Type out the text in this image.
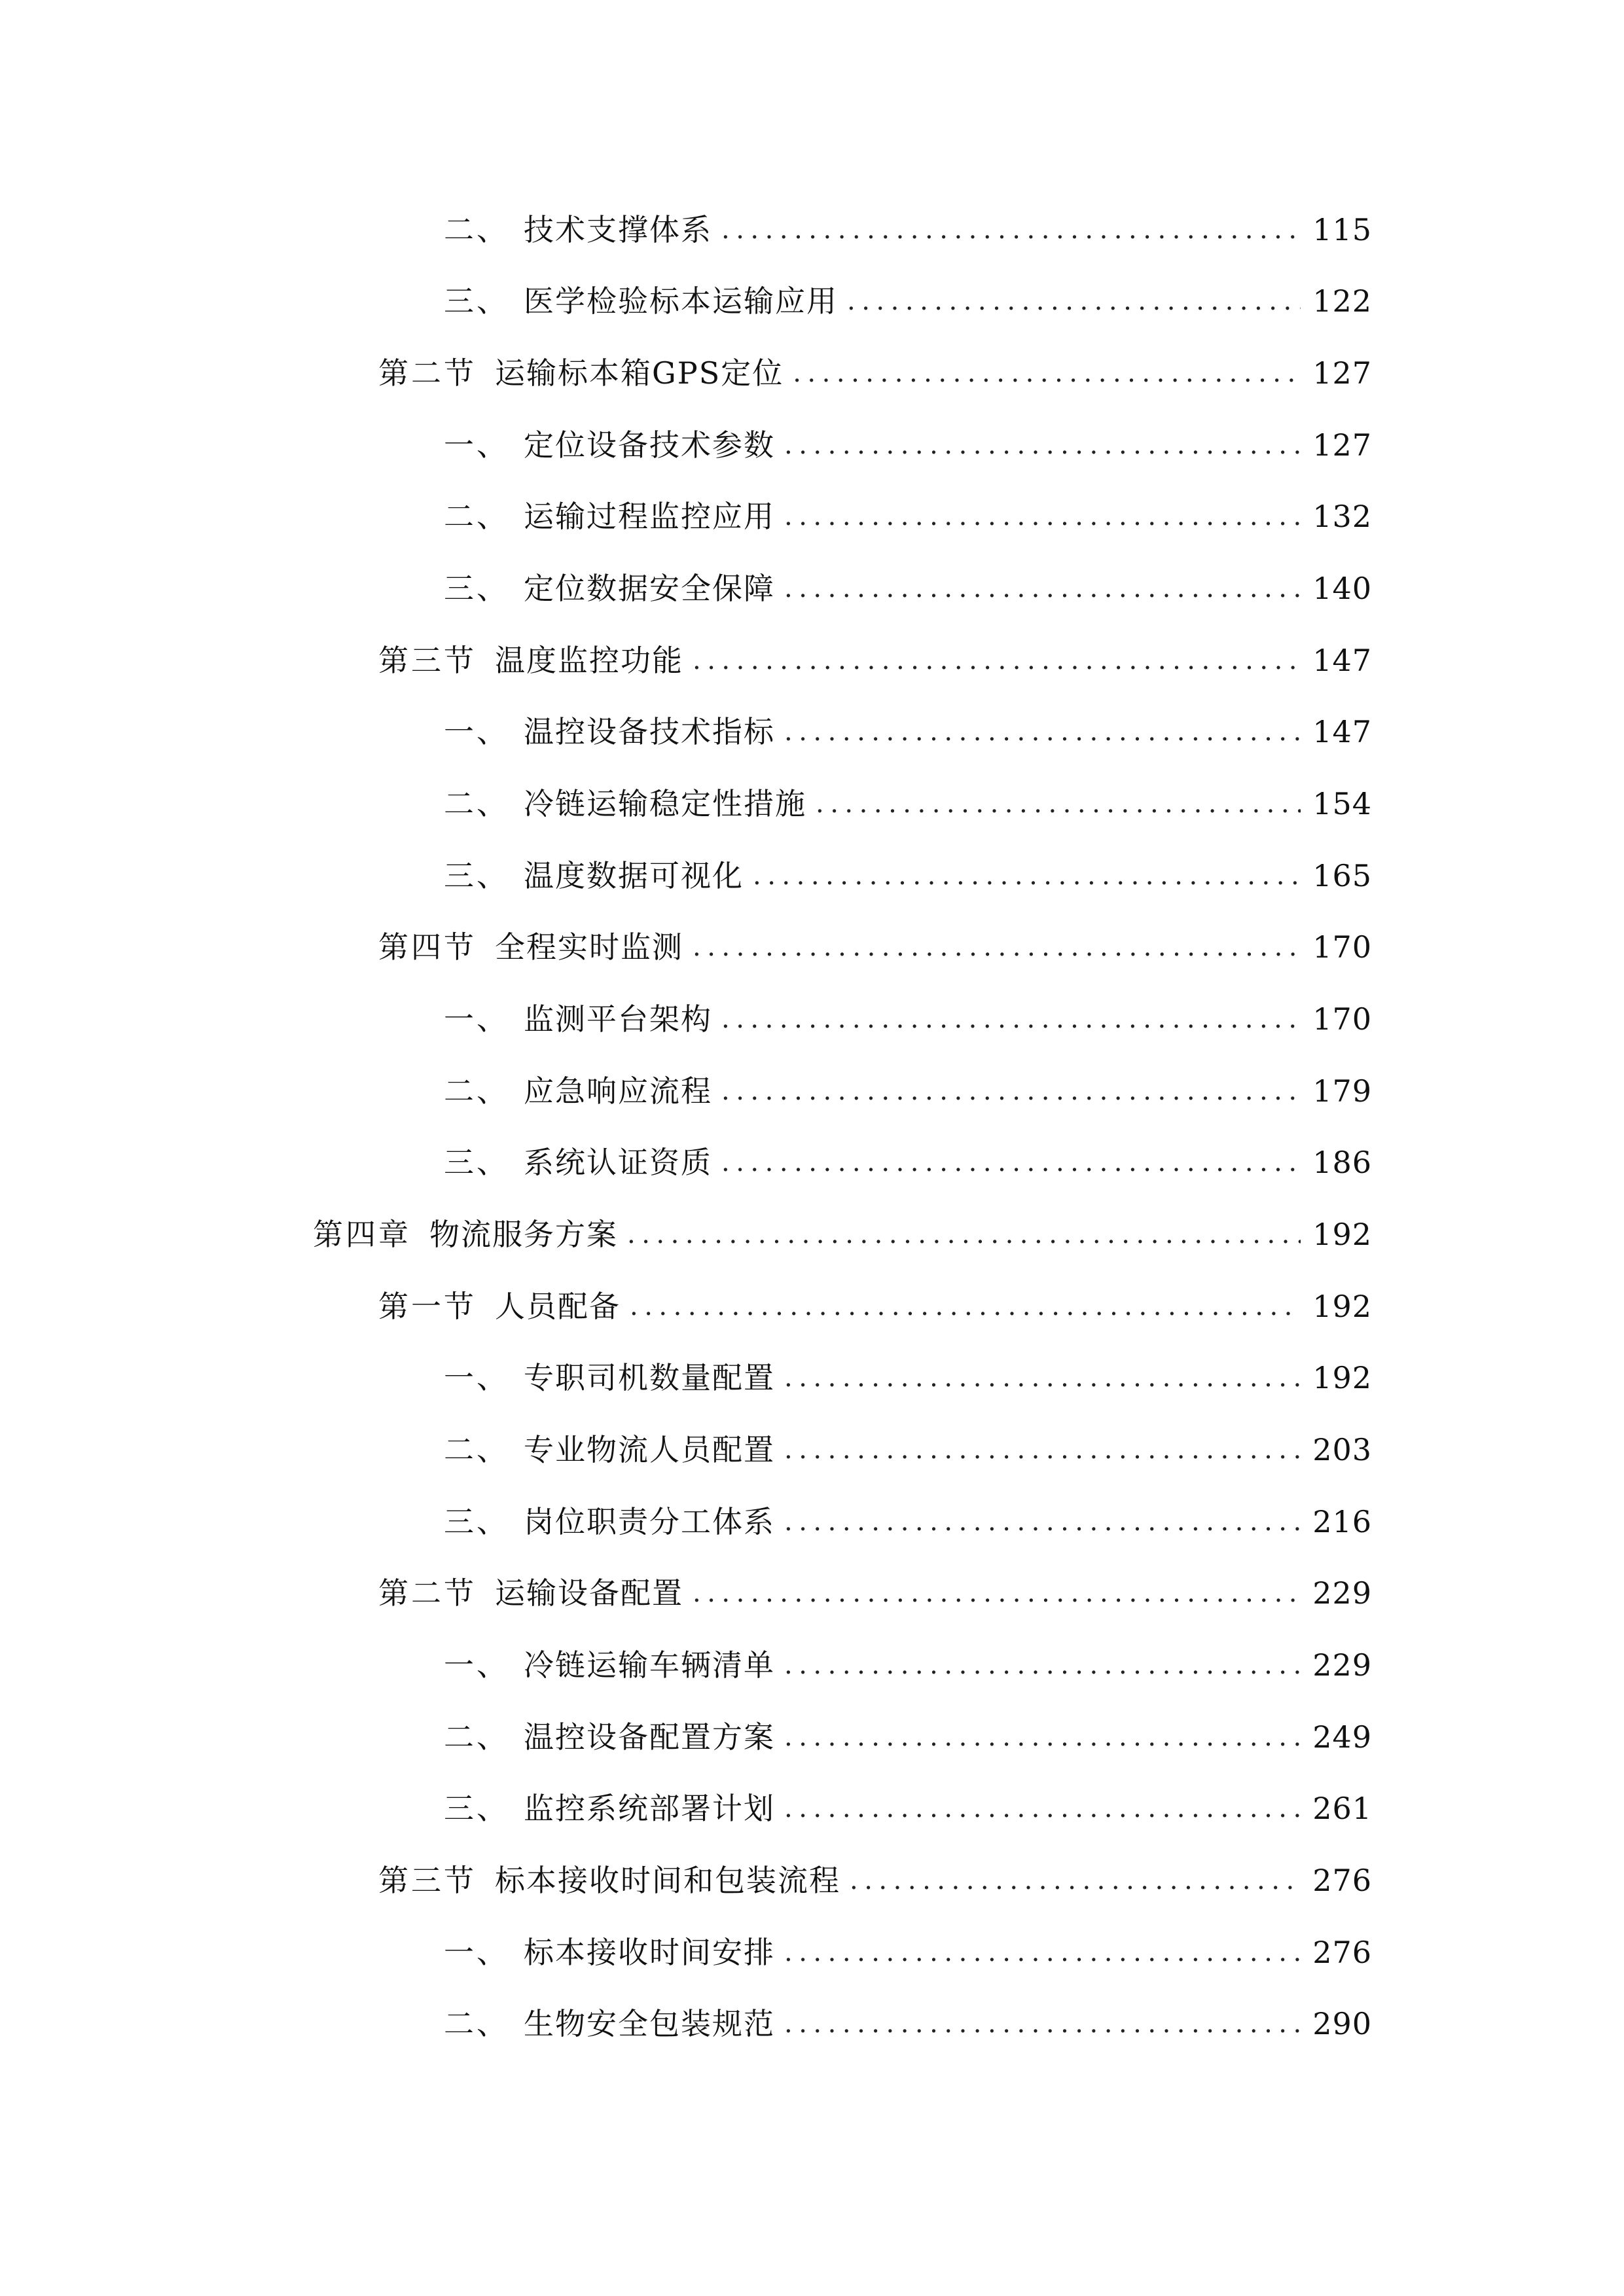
二、 技术支撑体系 .....	115
三、 医学检验标本运输应用 .....	122
第二节 运输标本箱GPS定位 .....	127
一、 定位设备技术参数 .....	127
二、 运输过程监控应用 .....	132
三、 定位数据安全保障 .....	140
第三节 温度监控功能 .....	147
一、 温控设备技术指标 .....	147
二、 冷链运输稳定性措施 .....	154
三、 温度数据可视化 .....	165
第四节 全程实时监测 .....	170
一、 监测平台架构 .....	170
二、 应急响应流程 .....	179
三、 系统认证资质 .....	186
第四章 物流服务方案 .....	192
第一节 人员配备 .....	192
一、 专职司机数量配置 .....	192
二、 专业物流人员配置 .....	203
三、 岗位职责分工体系 .....	216
第二节 运输设备配置 .....	229
一、 冷链运输车辆清单 .....	229
二、 温控设备配置方案 .....	249
三、 监控系统部署计划 .....	261
第三节 标本接收时间和包装流程 .....	276
一、 标本接收时间安排 .....	276
二、 生物安全包装规范 .....	290
